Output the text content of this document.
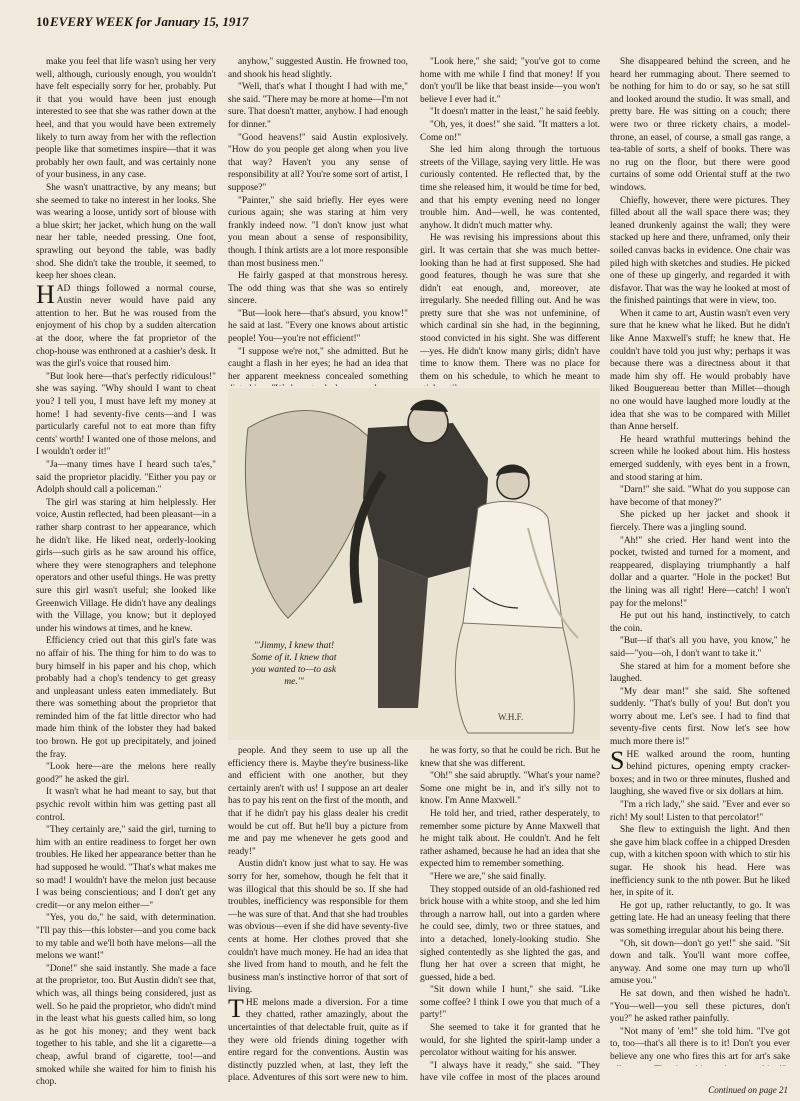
10 EVERY WEEK for January 15, 1917

make you feel that life wasn't using her very well, although, curiously enough, you wouldn't have felt especially sorry for her, probably. Put it that you would have been just enough interested to see that she was rather down at the heel, and that you would have been extremely likely to turn away from her with the reflection people like that sometimes inspire—that it was probably her own fault, and was certainly none of your business, in any case.

She wasn't unattractive, by any means; but she seemed to take no interest in her looks. She was wearing a loose, untidy sort of blouse with a blue skirt; her jacket, which hung on the wall near her table, needed pressing. One foot, sprawling out beyond the table, was badly shod. She didn't take the trouble, it seemed, to keep her shoes clean.

HAD things followed a normal course, Austin never would have paid any attention to her. But he was roused from the enjoyment of his chop by a sudden altercation at the door, where the fat proprietor of the chop-house was enthroned at a cashier's desk. It was the girl's voice that roused him.

"But look here—that's perfectly ridiculous!" she was saying. "Why should I want to cheat you? I tell you, I must have left my money at home! I had seventy-five cents—and I was particularly careful not to eat more than fifty cents' worth! I wanted one of those melons, and I wouldn't order it!"

"Ja—many times have I heard such ta'es," said the proprietor placidly. "Either you pay or Adolph should call a policeman."

The girl was staring at him helplessly. Her voice, Austin reflected, had been pleasant—in a rather sharp contrast to her appearance, which he didn't like. He liked neat, orderly-looking girls—such girls as he saw around his office, where they were stenographers and telephone operators and other useful things. He was pretty sure this girl wasn't useful; she looked like Greenwich Village. He didn't have any dealings with the Village, you know; but it deployed under his windows at times, and he knew.

Efficiency cried out that this girl's fate was no affair of his. The thing for him to do was to bury himself in his paper and his chop, which probably had a chop's tendency to get greasy and unpleasant unless eaten immediately. But there was something about the proprietor that reminded him of the fat little director who had made him think of the lobster they had baked too brown. He got up precipitately, and joined the fray.

"Look here—are the melons here really good?" he asked the girl.

It wasn't what he had meant to say, but that psychic revolt within him was getting past all control.

"They certainly are," said the girl, turning to him with an entire readiness to forget her own troubles. He liked her appearance better than he had supposed he would. "That's what makes me so mad! I wouldn't have the melon just because I was being conscientious; and I don't get any credit—or any melon either—"

"Yes, you do," he said, with determination. "I'll pay this—this lobster—and you come back to my table and we'll both have melons—all the melons we want!"

"Done!" she said instantly. She made a face at the proprietor, too. But Austin didn't see that, which was, all things being considered, just as well. So he paid the proprietor, who didn't mind in the least what his guests called him, so long as he got his money; and they went back together to his table, and she lit a cigarette—a cheap, awful brand of cigarette, too!—and smoked while she waited for him to finish his chop.

anyhow," suggested Austin. He frowned too, and shook his head slightly.

"Well, that's what I thought I had with me," she said. "There may be more at home—I'm not sure. That doesn't matter, anyhow. I had enough for dinner."

"Good heavens!" said Austin explosively. "How do you people get along when you live that way? Haven't you any sense of responsibility at all? You're some sort of artist, I suppose?"

"Painter," she said briefly. Her eyes were curious again; she was staring at him very frankly indeed now. "I don't know just what you mean about a sense of responsibility, though. I think artists are a lot more responsible than most business men."

He fairly gasped at that monstrous heresy. The odd thing was that she was so entirely sincere.

"But—look here—that's absurd, you know!" he said at last. "Every one knows about artistic people! You—you're not efficient!"

"I suppose we're not," she admitted. But he caught a flash in her eyes; he had an idea that her apparent meekness concealed something

"Look here," she said; "you've got to come home with me while I find that money! If you don't you'll be like that beast inside—you won't believe I ever had it."

"It doesn't matter in the least," he said feebly.

"Oh, yes, it does!" she said. "It matters a lot. Come on!"

She led him along through the tortuous streets of the Village, saying very little. He was curiously contented. He reflected that, by the time she released him, it would be time for bed, and that his empty evening need no longer trouble him. And—well, he was contented, anyhow. It didn't much matter why.

He was revising his impressions about this girl. It was certain that she was much better-looking than he had at first supposed. She had good features, though he was sure that she didn't eat enough, and, moreover, ate irregularly. She needed filling out. And he was pretty sure that she was not unfeminine, of which cardinal sin she had, in the beginning, stood convicted in his sight. She was different—yes. He didn't know many girls; didn't have time to know them. There was no place for them on his schedule, to which he meant to

She disappeared behind the screen, and he heard her rummaging about. There seemed to be nothing for him to do or say, so he sat still and looked around the studio. It was small, and pretty bare. He was sitting on a couch; there were two or three rickety chairs, a model-throne, an easel, of course, a small gas range, a tea-table of sorts, a shelf of books. There was no rug on the floor, but there were good curtains of some odd Oriental stuff at the two windows.

Chiefly, however, there were pictures. They filled about all the wall space there was; they leaned drunkenly against the wall; they were stacked up here and there, unframed, only their soiled canvas backs in evidence. One chair was piled high with sketches and studies. He picked one of these up gingerly, and regarded it with disfavor. That was the way he looked at most of the finished paintings that were in view, too.

When it came to art, Austin wasn't even very sure that he knew what he liked. But he didn't like Anne Maxwell's stuff; he knew that. He couldn't have told you just why; perhaps it was because there was a directness about it that made him shy off. He would probably have liked Bouguereau better than Millet—though no one would have laughed more loudly at the idea that she was to be compared with Millet than Anne herself.

He heard wrathful mutterings behind the screen while he looked about him. His hostess emerged suddenly, with eyes bent in a frown, and stood staring at him.

"Darn!" she said. "What do you suppose can have become of that money?"

She picked up her jacket and shook it fiercely. There was a jingling sound.

"Ah!" she cried. Her hand went into the pocket, twisted and turned for a moment, and reappeared, displaying triumphantly a half dollar and a quarter. "Hole in the pocket! But the lining was all right! Here—catch! I won't pay for the melons!"

He put out his hand, instinctively, to catch the coin.

"But—if that's all you have, you know," he said—"you—oh, I don't want to take it."

She stared at him for a moment before she laughed.

"My dear man!" she said. She softened suddenly. "That's bully of you! But don't you worry about me. Let's see. I had to find that seventy-five cents first. Now let's see how much more there is!"

SHE walked around the room, hunting behind pictures, opening empty cracker-boxes; and in two or three minutes, flushed and laughing, she waved five or six dollars at him.

"I'm a rich lady," she said. "Ever and ever so rich! My soul! Listen to that percolator!"

She flew to extinguish the light. And then she gave him black coffee in a chipped Dresden cup, with a kitchen spoon with which to stir his sugar. He shook his head. Here was inefficiency sunk to the nth power. But he liked her, in spite of it.

He got up, rather reluctantly, to go. It was getting late. He had an uneasy feeling that there was something irregular about his being there.

"Oh, sit down—don't go yet!" she said. "Sit down and talk. You'll want more coffee, anyway. And some one may turn up who'll amuse you."

He sat down, and then wished he hadn't. "You—well—you sell these pictures, don't you?" he asked rather painfully.

"Not many of 'em!" she told him. "I've got to, too—that's all there is to it! Don't you ever believe any one who fires this art for art's sake

W.H.F.
"'Jimmy, I knew that! Some of it. I knew that you wanted to—to ask me.'"

people. And they seem to use up all the efficiency there is. Maybe they're business-like and efficient with one another, but they certainly aren't with us! I suppose an art dealer has to pay his rent on the first of the month, and that if he didn't pay his glass dealer his credit would be cut off. But he'll buy a picture from me and pay me whenever he gets good and ready!"

Austin didn't know just what to say. He was sorry for her, somehow, though he felt that it was illogical that this should be so. If she had troubles, inefficiency was responsible for them—he was sure of that. And that she had troubles was obvious—even if she did have seventy-five cents at home. Her clothes proved that she couldn't have much money. He had an idea that she lived from hand to mouth, and he felt the business man's instinctive horror of that sort of living.

THE melons made a diversion. For a time they chatted, rather amazingly, about the uncertainties of that delectable fruit, quite as if they were old friends dining together with entire regard for the conventions. Austin was distinctly puzzled when, at last, they left the place. Adventures of this sort were new to him.

he was forty, so that he could be rich. But he knew that she was different.

"Oh!" she said abruptly. "What's your name? Some one might be in, and it's silly not to know. I'm Anne Maxwell."

He told her, and tried, rather desperately, to remember some picture by Anne Maxwell that he might talk about. He couldn't. And he felt rather ashamed, because he had an idea that she expected him to remember something.

"Here we are," she said finally.

They stopped outside of an old-fashioned red brick house with a white stoop, and she led him through a narrow hall, out into a garden where he could see, dimly, two or three statues, and into a detached, lonely-looking studio. She sighed contentedly as she lighted the gas, and flung her hat over a screen that might, he guessed, hide a bed.

"Sit down while I hunt," she said. "Like some coffee? I think I owe you that much of a party!"

She seemed to take it for granted that he would, for she lighted the spirit-lamp under a percolator without waiting for his answer.

"I always have it ready," she said. "They have vile coffee in most of the places around

Continued on page 21
